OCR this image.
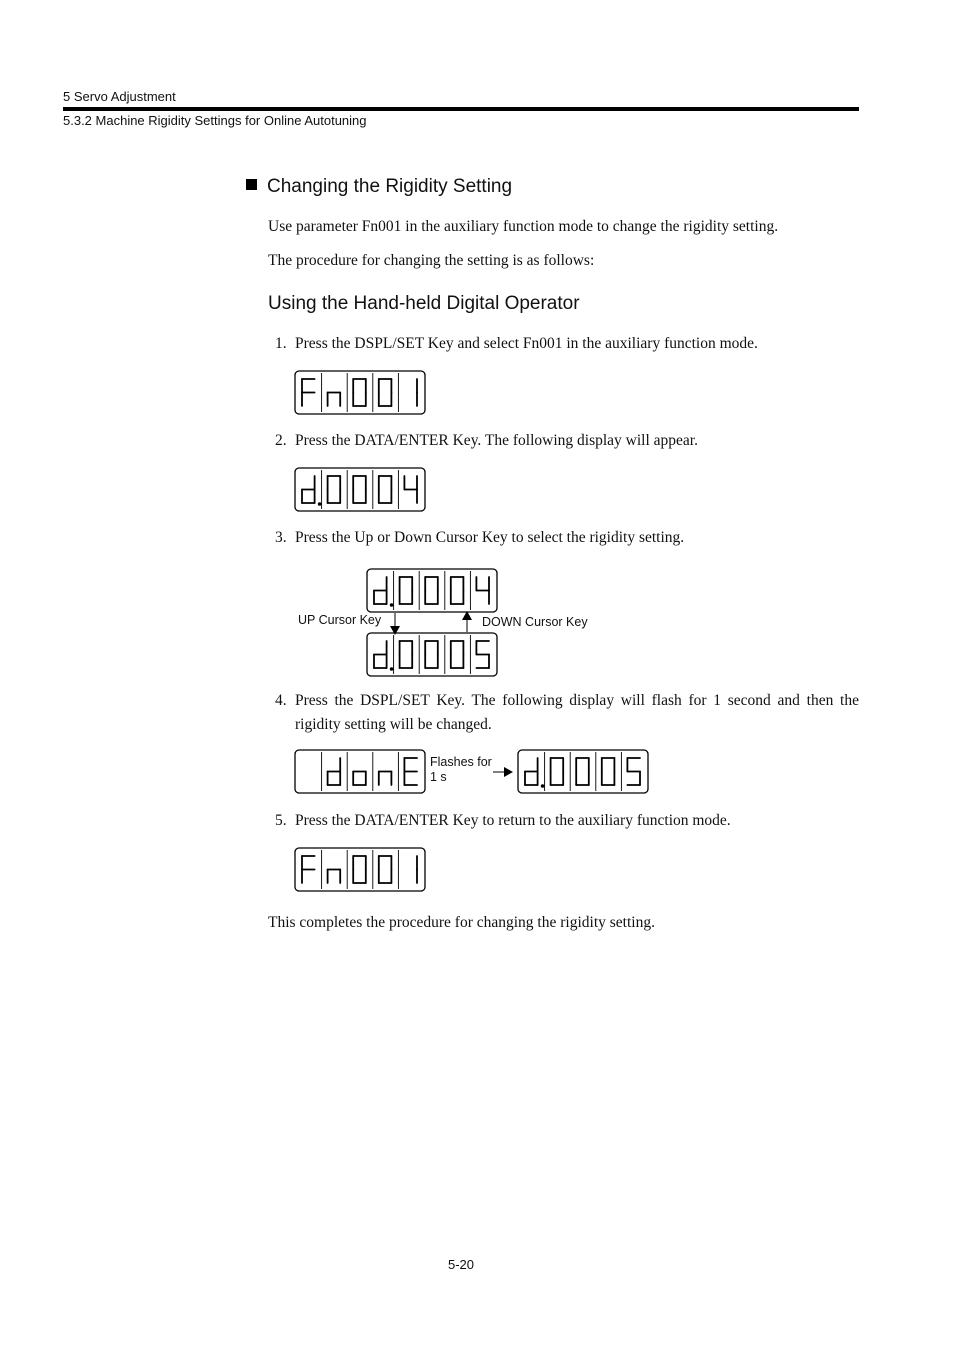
5 Servo Adjustment
5.3.2 Machine Rigidity Settings for Online Autotuning
Changing the Rigidity Setting
Use parameter Fn001 in the auxiliary function mode to change the rigidity setting.
The procedure for changing the setting is as follows:
Using the Hand-held Digital Operator
1. Press the DSPL/SET Key and select Fn001 in the auxiliary function mode.
2. Press the DATA/ENTER Key. The following display will appear.
3. Press the Up or Down Cursor Key to select the rigidity setting.
UP Cursor Key	DOWN Cursor Key
4. Press the DSPL/SET Key. The following display will flash for 1 second and then the
rigidity setting will be changed.
Flashes for
1 s
5. Press the DATA/ENTER Key to return to the auxiliary function mode.
This completes the procedure for changing the rigidity setting.
5-20
